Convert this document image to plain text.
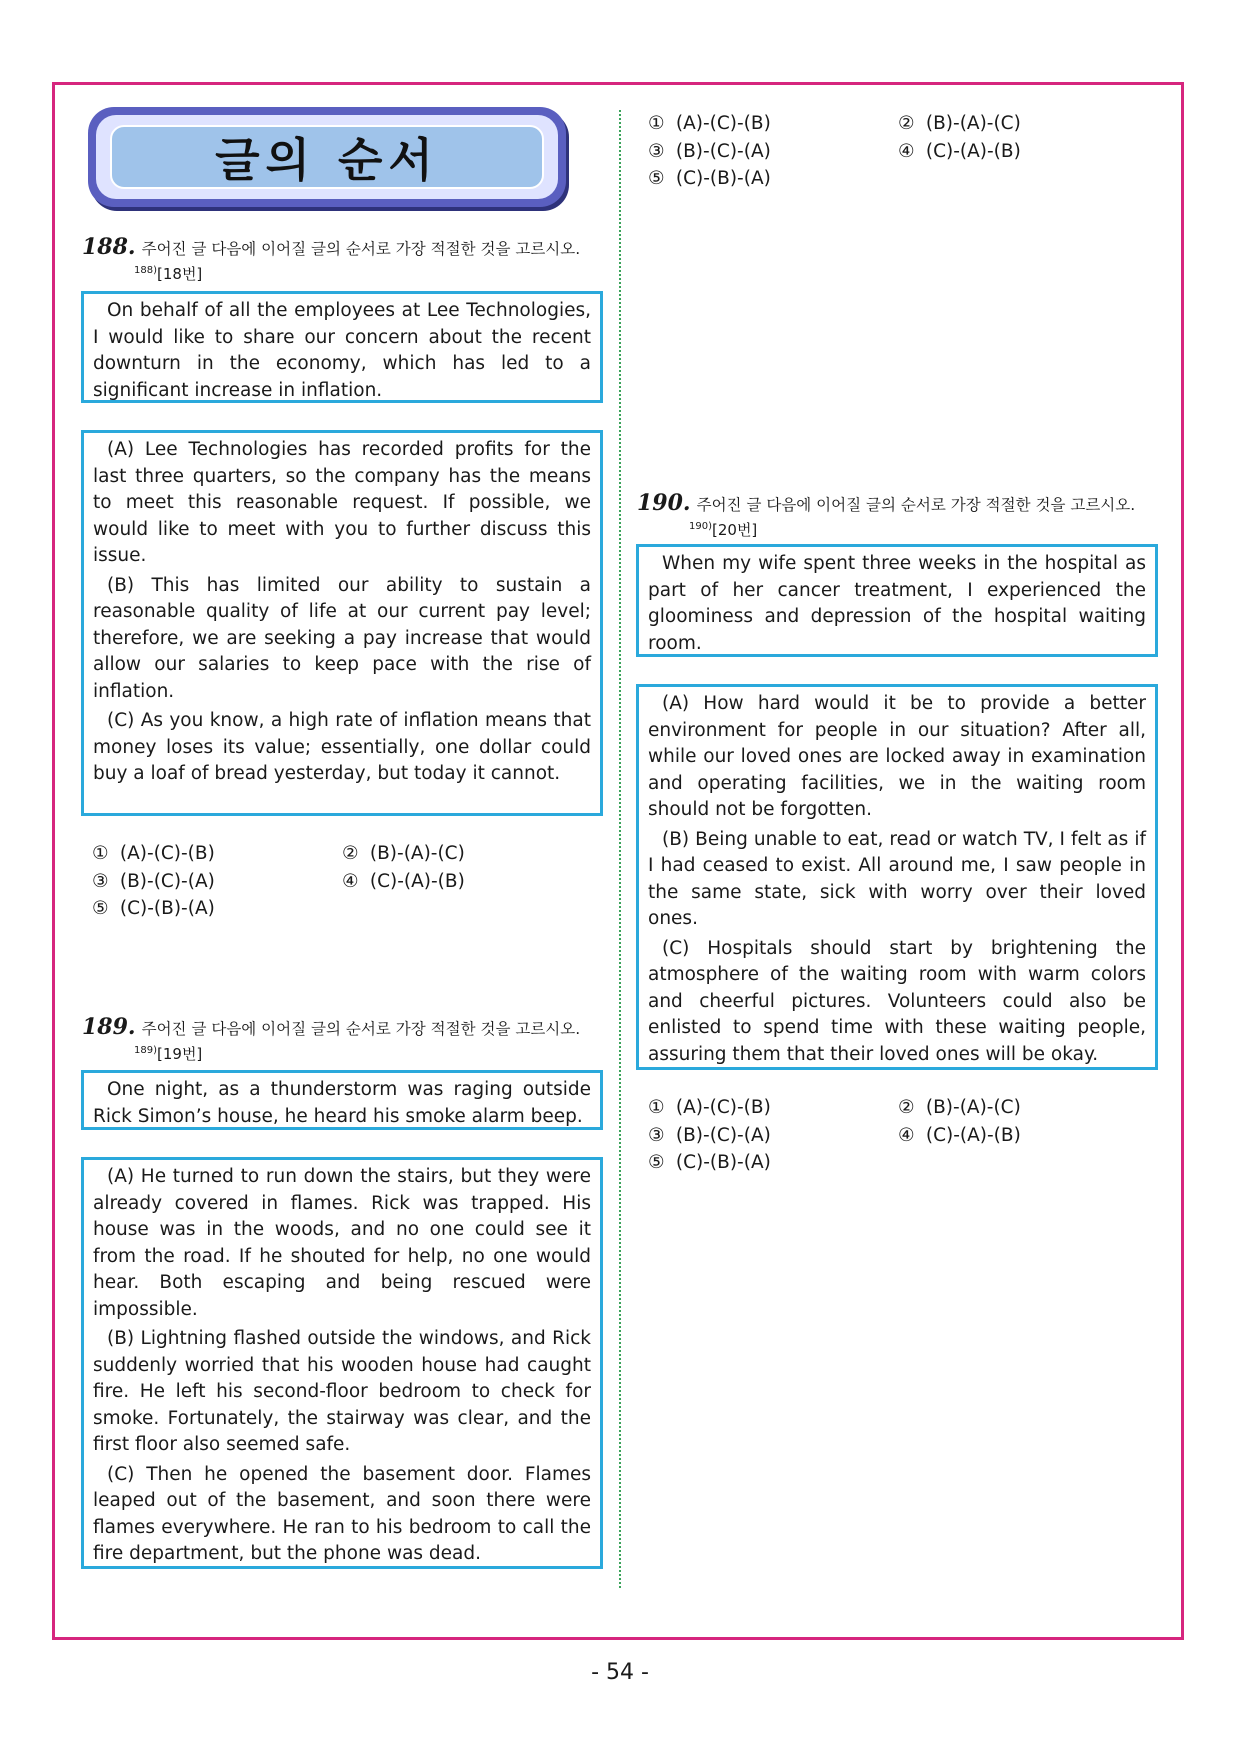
글의 순서
188. 주어진 글 다음에 이어질 글의 순서로 가장 적절한 것을 고르시오.
$^{188)}$[18번]

On behalf of all the employees at Lee Technologies, I would like to share our concern about the recent downturn in the economy, which has led to a significant increase in inflation.

(A) Lee Technologies has recorded profits for the last three quarters, so the company has the means to meet this reasonable request. If possible, we would like to meet with you to further discuss this issue.

(B) This has limited our ability to sustain a reasonable quality of life at our current pay level; therefore, we are seeking a pay increase that would allow our salaries to keep pace with the rise of inflation.

(C) As you know, a high rate of inflation means that money loses its value; essentially, one dollar could buy a loaf of bread yesterday, but today it cannot.

① (A)-(C)-(B)	② (B)-(A)-(C)
③ (B)-(C)-(A)	④ (C)-(A)-(B)
⑤ (C)-(B)-(A)
189. 주어진 글 다음에 이어질 글의 순서로 가장 적절한 것을 고르시오.
$^{189)}$[19번]

One night, as a thunderstorm was raging outside Rick Simon’s house, he heard his smoke alarm beep.

(A) He turned to run down the stairs, but they were already covered in flames. Rick was trapped. His house was in the woods, and no one could see it from the road. If he shouted for help, no one would hear. Both escaping and being rescued were impossible.

(B) Lightning flashed outside the windows, and Rick suddenly worried that his wooden house had caught fire. He left his second-floor bedroom to check for smoke. Fortunately, the stairway was clear, and the first floor also seemed safe.

(C) Then he opened the basement door. Flames leaped out of the basement, and soon there were flames everywhere. He ran to his bedroom to call the fire department, but the phone was dead.

① (A)-(C)-(B)	② (B)-(A)-(C)
③ (B)-(C)-(A)	④ (C)-(A)-(B)
⑤ (C)-(B)-(A)
190. 주어진 글 다음에 이어질 글의 순서로 가장 적절한 것을 고르시오.
$^{190)}$[20번]

When my wife spent three weeks in the hospital as part of her cancer treatment, I experienced the gloominess and depression of the hospital waiting room.

(A) How hard would it be to provide a better environment for people in our situation? After all, while our loved ones are locked away in examination and operating facilities, we in the waiting room should not be forgotten.

(B) Being unable to eat, read or watch TV, I felt as if I had ceased to exist. All around me, I saw people in the same state, sick with worry over their loved ones.

(C) Hospitals should start by brightening the atmosphere of the waiting room with warm colors and cheerful pictures. Volunteers could also be enlisted to spend time with these waiting people, assuring them that their loved ones will be okay.

① (A)-(C)-(B)	② (B)-(A)-(C)
③ (B)-(C)-(A)	④ (C)-(A)-(B)
⑤ (C)-(B)-(A)
- 54 -
